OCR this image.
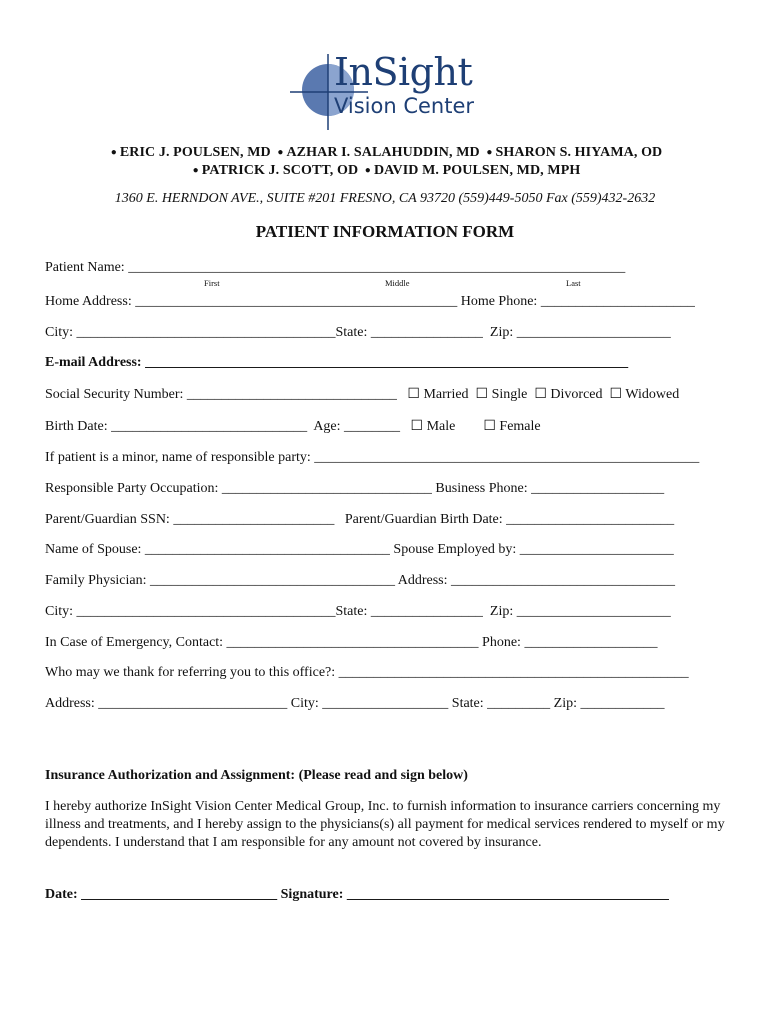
InSight
Vision Center
● ERIC J. POULSEN, MD ● AZHAR I. SALAHUDDIN, MD ● SHARON S. HIYAMA, OD
● PATRICK J. SCOTT, OD ● DAVID M. POULSEN, MD, MPH
1360 E. HERNDON AVE., SUITE #201 FRESNO, CA 93720 (559)449-5050 Fax (559)432-2632
PATIENT INFORMATION FORM
Patient Name: _______________________________________________________________________
First	Middle	Last
Home Address: ______________________________________________ Home Phone: ______________________
City: _____________________________________State: ________________  Zip: ______________________
E-mail Address: _____________________________________________________________________
Social Security Number: ______________________________   ☐ Married  ☐ Single  ☐ Divorced  ☐ Widowed
Birth Date: ____________________________  Age: ________   ☐ Male        ☐ Female
If patient is a minor, name of responsible party: _______________________________________________________
Responsible Party Occupation: ______________________________ Business Phone: ___________________
Parent/Guardian SSN: _______________________   Parent/Guardian Birth Date: ________________________
Name of Spouse: ___________________________________ Spouse Employed by: ______________________
Family Physician: ___________________________________ Address: ________________________________
City: _____________________________________State: ________________  Zip: ______________________
In Case of Emergency, Contact: ____________________________________ Phone: ___________________
Who may we thank for referring you to this office?: __________________________________________________
Address: ___________________________ City: __________________ State: _________ Zip: ____________
Insurance Authorization and Assignment: (Please read and sign below)
I hereby authorize InSight Vision Center Medical Group, Inc. to furnish information to insurance carriers concerning my illness and treatments, and I hereby assign to the physicians(s) all payment for medical services rendered to myself or my dependents. I understand that I am responsible for any amount not covered by insurance.
Date: ____________________________ Signature: ______________________________________________
